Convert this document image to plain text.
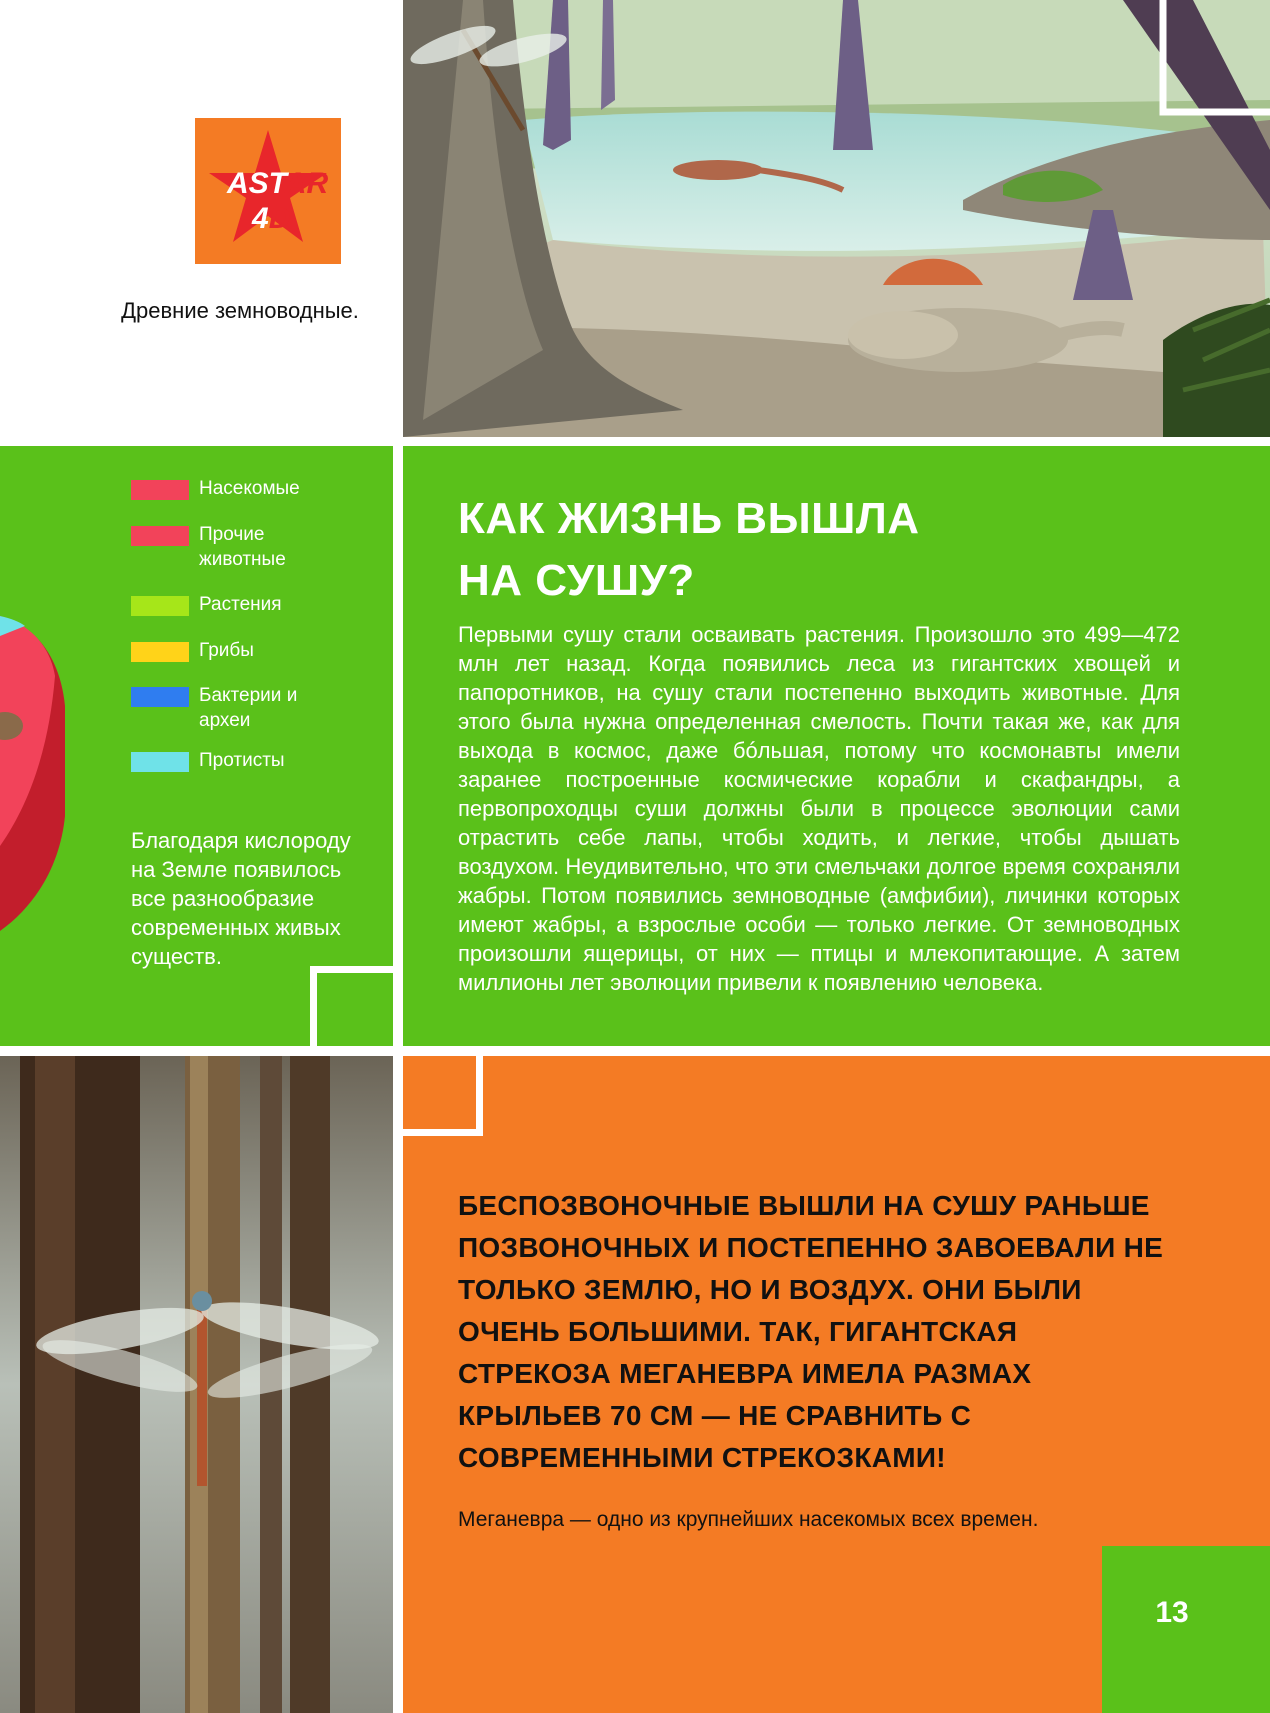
ASTAR
4D
Древние земноводные.
Насекомые
Прочие животные
Растения
Грибы
Бактерии и археи
Протисты
Благодаря кислороду на Земле появилось все разнообразие современных живых существ.
КАК ЖИЗНЬ ВЫШЛА
НА СУШУ?
Первыми сушу стали осваивать растения. Произошло это 499—472 млн лет назад. Когда появились леса из гигантских хвощей и папоротников, на сушу стали постепенно выходить животные. Для этого была нужна определенная смелость. Почти такая же, как для выхода в космос, даже бóльшая, потому что космонавты имели заранее построенные космические корабли и скафандры, а первопроходцы суши должны были в процессе эволюции сами отрастить себе лапы, чтобы ходить, и легкие, чтобы дышать воздухом. Неудивительно, что эти смельчаки долгое время сохраняли жабры. Потом появились земноводные (амфибии), личинки которых имеют жабры, а взрослые особи — только легкие. От земноводных произошли ящерицы, от них — птицы и млекопитающие. А затем миллионы лет эволюции привели к появлению человека.
БЕСПОЗВОНОЧНЫЕ ВЫШЛИ НА СУШУ РАНЬШЕ ПОЗВОНОЧНЫХ И ПОСТЕПЕННО ЗАВОЕВАЛИ НЕ ТОЛЬКО ЗЕМЛЮ, НО И ВОЗДУХ. ОНИ БЫЛИ ОЧЕНЬ БОЛЬШИМИ. ТАК, ГИГАНТСКАЯ СТРЕКОЗА МЕГАНЕВРА ИМЕЛА РАЗМАХ КРЫЛЬЕВ 70 СМ — НЕ СРАВНИТЬ С СОВРЕМЕННЫМИ СТРЕКОЗКАМИ!
Меганевра — одно из крупнейших насекомых всех времен.
13
